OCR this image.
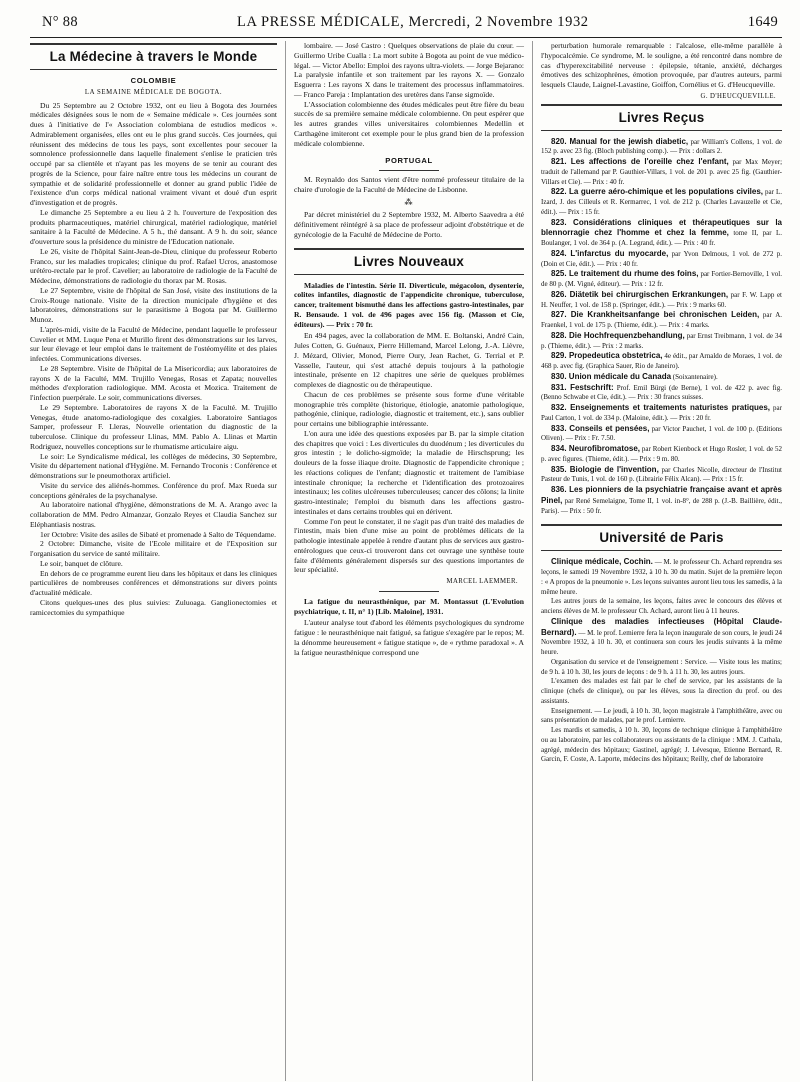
N° 88	LA PRESSE MÉDICALE, Mercredi, 2 Novembre 1932	1649
La Médecine à travers le Monde
COLOMBIE
LA SEMAINE MÉDICALE DE BOGOTA.

Du 25 Septembre au 2 Octobre 1932, ont eu lieu à Bogota des Journées médicales désignées sous le nom de « Semaine médicale ». Ces journées sont dues à l'initiative de l'« Association colombiana de estudios medicos ». Admirablement organisées, elles ont eu le plus grand succès. Ces journées, qui réunissent des médecins de tous les pays, sont excellentes pour secouer la somnolence professionnelle dans laquelle finalement s'enlise le praticien très occupé par sa clientèle et n'ayant pas les moyens de se tenir au courant des progrès de la Science, pour faire naître entre tous les médecins un courant de sympathie et de solidarité professionnelle et donner au grand public l'idée de l'existence d'un corps médical national vraiment vivant et doué d'un esprit d'investigation et de progrès.

Le dimanche 25 Septembre a eu lieu à 2 h. l'ouverture de l'exposition des produits pharmaceutiques, matériel chirurgical, matériel radiologique, matériel sanitaire à la Faculté de Médecine. A 5 h., thé dansant. A 9 h. du soir, séance d'ouverture sous la présidence du ministre de l'Education nationale.

Le 26, visite de l'hôpital Saint-Jean-de-Dieu, clinique du professeur Roberto Franco, sur les maladies tropicales; clinique du prof. Rafael Ucros, anastomose urétéro-rectale par le prof. Cavelier; au laboratoire de radiologie de la Faculté de Médecine, démonstrations de radiologie du thorax par M. Rosas.

Le 27 Septembre, visite de l'hôpital de San José, visite des institutions de la Croix-Rouge nationale. Visite de la direction municipale d'hygiène et des laboratoires, démonstrations sur le parasitisme à Bogota par M. Guillermo Munoz.

L'après-midi, visite de la Faculté de Médecine, pendant laquelle le professeur Cuvelier et MM. Luque Pena et Murillo firent des démonstrations sur les larves, sur leur élevage et leur emploi dans le traitement de l'ostéomyélite et des plaies infectées. Communications diverses.

Le 28 Septembre. Visite de l'hôpital de La Misericordia; aux laboratoires de rayons X de la Faculté, MM. Trujillo Venegas, Rosas et Zapata; nouvelles méthodes d'exploration radiologique. MM. Acosta et Mozica. Traitement de l'infection puerpérale. Le soir, communications diverses.

Le 29 Septembre. Laboratoires de rayons X de la Faculté. M. Trujillo Venegas, étude anatomo-radiologique des coxalgies. Laboratoire Santiagos Samper, professeur F. Lleras, Nouvelle orientation du diagnostic de la tuberculose. Clinique du professeur Llinas, MM. Pablo A. Llinas et Martin Rodriguez, nouvelles conceptions sur le rhumatisme articulaire aigu.

Le soir: Le Syndicalisme médical, les collèges de médecins, 30 Septembre, Visite du département national d'Hygiène. M. Fernando Troconis : Conférence et démonstrations sur le pneumothorax artificiel.

Visite du service des aliénés-hommes. Conférence du prof. Max Rueda sur conceptions générales de la psychanalyse.

Au laboratoire national d'hygiène, démonstrations de M. A. Arango avec la collaboration de MM. Pedro Almanzar, Gonzalo Reyes et Claudia Sanchez sur Eléphantiasis nostras.

1er Octobre: Visite des asiles de Sibaté et promenade à Salto de Téquendame.

2 Octobre: Dimanche, visite de l'Ecole militaire et de l'Exposition sur l'organisation du service de santé militaire.

Le soir, banquet de clôture.

En dehors de ce programme eurent lieu dans les hôpitaux et dans les cliniques particulières de nombreuses conférences et démonstrations sur divers points d'actualité médicale.

Citons quelques-unes des plus suivies: Zuluoaga. Ganglionectomies et ramicectomies du sympathique

lombaire. — José Castro : Quelques observations de plaie du cœur. — Guillermo Uribe Cualla : La mort subite à Bogota au point de vue médico-légal. — Victor Abello: Emploi des rayons ultra-violets. — Jorge Bejarano: La paralysie infantile et son traitement par les rayons X. — Gonzalo Esguerra : Les rayons X dans le traitement des processus inflammatoires. — Franco Pareja : Implantation des uretères dans l'anse sigmoïde.

L'Association colombienne des études médicales peut être fière du beau succès de sa première semaine médicale colombienne. On peut espérer que les autres grandes villes universitaires colombiennes Medellin et Carthagène imiteront cet exemple pour le plus grand bien de la profession médicale colombienne.

PORTUGAL

M. Reynaldo dos Santos vient d'être nommé professeur titulaire de la chaire d'urologie de la Faculté de Médecine de Lisbonne.

⁂

Par décret ministériel du 2 Septembre 1932, M. Alberto Saavedra a été définitivement réintégré à sa place de professeur adjoint d'obstétrique et de gynécologie de la Faculté de Médecine de Porto.

Livres Nouveaux

Maladies de l'intestin. Série II. Diverticule, mégacolon, dysenterie, colites infantiles, diagnostic de l'appendicite chronique, tuberculose, cancer, traitement bismuthé dans les affections gastro-intestinales, par R. Bensaude. 1 vol. de 496 pages avec 156 fig. (Masson et Cie, éditeurs). — Prix : 70 fr.

En 494 pages, avec la collaboration de MM. E. Boltanski, André Cain, Jules Cotten, G. Guénaux, Pierre Hillemand, Marcel Lelong, J.-A. Lièvre, J. Mézard, Olivier, Monod, Pierre Oury, Jean Rachet, G. Terrial et P. Vasselle, l'auteur, qui s'est attaché depuis toujours à la pathologie intestinale, présente en 12 chapitres une série de quelques problèmes complexes de diagnostic ou de thérapeutique.

Chacun de ces problèmes se présente sous forme d'une véritable monographie très complète (historique, étiologie, anatomie pathologique, pathogénie, clinique, radiologie, diagnostic et traitement, etc.), sans oublier pour certains une bibliographie intéressante.

L'on aura une idée des questions exposées par B. par la simple citation des chapitres que voici : Les diverticules du duodénum ; les diverticules du gros intestin ; le dolicho-sigmoïde; la maladie de Hirschsprung; les douleurs de la fosse iliaque droite. Diagnostic de l'appendicite chronique ; les réactions coliques de l'enfant; diagnostic et traitement de l'amibiase intestinale chronique; la recherche et l'identification des protozoaires intestinaux; les colites ulcéreuses tuberculeuses; cancer des côlons; la linite gastro-intestinale; l'emploi du bismuth dans les affections gastro-intestinales et dans certains troubles qui en dérivent.

Comme l'on peut le constater, il ne s'agit pas d'un traité des maladies de l'intestin, mais bien d'une mise au point de problèmes délicats de la pathologie intestinale appelée à rendre d'autant plus de services aux gastro-entérologues que ceux-ci trouveront dans cet ouvrage une synthèse toute faite d'éléments généralement dispersés sur des questions importantes de leur spécialité.

MARCEL LAEMMER.

La fatigue du neurasthénique, par M. Montassut (L'Evolution psychiatrique, t. II, n° 1) [Lib. Maloine], 1931.

L'auteur analyse tout d'abord les éléments psychologiques du syndrome fatigue : le neurasthénique nait fatigué, sa fatigue s'exagère par le repos; M. la dénomme heureusement « fatigue statique », de « rythme paradoxal ». A la fatigue neurasthénique correspond une

perturbation humorale remarquable : l'alcalose, elle-même parallèle à l'hypocalcémie. Ce syndrome, M. le souligne, a été rencontré dans nombre de cas d'hyperexcitabilité nerveuse : épilepsie, tétanie, anxiété, décharges émotives des schizophrènes, émotion provoquée, par d'autres auteurs, parmi lesquels Claude, Laignel-Lavastine, Goiffon, Cornélius et G. d'Heucqueville.

G. D'HEUCQUEVILLE.
Livres Reçus

820. Manual for the jewish diabetic, par William's Collens, 1 vol. de 152 p. avec 23 fig. (Bloch publishing comp.). — Prix : dollars 2.

821. Les affections de l'oreille chez l'enfant, par Max Meyer; traduit de l'allemand par P. Gauthier-Villars, 1 vol. de 201 p. avec 25 fig. (Gauthier-Villars et Cie). — Prix : 40 fr.

822. La guerre aéro-chimique et les populations civiles, par L. Izard, J. des Cilleuls et R. Kermarrec, 1 vol. de 212 p. (Charles Lavauzelle et Cie, édit.). — Prix : 15 fr.

823. Considérations cliniques et thérapeutiques sur la blennorragie chez l'homme et chez la femme, tome II, par L. Boulanger, 1 vol. de 364 p. (A. Legrand, édit.). — Prix : 40 fr.

824. L'infarctus du myocarde, par Yvon Delmous, 1 vol. de 272 p. (Doin et Cie, édit.). — Prix : 40 fr.

825. Le traitement du rhume des foins, par Fortier-Bernoville, 1 vol. de 80 p. (M. Vigné, éditeur). — Prix : 12 fr.

826. Diätetik bei chirurgischen Erkrankungen, par F. W. Lapp et H. Neuffer, 1 vol. de 158 p. (Springer, édit.). — Prix : 9 marks 60.

827. Die Krankheitsanfange bei chronischen Leiden, par A. Fraenkel, 1 vol. de 175 p. (Thieme, édit.). — Prix : 4 marks.

828. Die Hochfrequenzbehandlung, par Ernst Treibmann, 1 vol. de 34 p. (Thieme, édit.). — Prix : 2 marks.

829. Propedeutica obstetrica, 4e édit., par Arnaldo de Moraes, 1 vol. de 468 p. avec fig. (Graphica Sauer, Rio de Janeiro).

830. Union médicale du Canada (Soixantenaire).

831. Festschrift: Prof. Emil Bürgi (de Berne), 1 vol. de 422 p. avec fig. (Benno Schwabe et Cie, édit.). — Prix : 30 francs suisses.

832. Enseignements et traitements naturistes pratiques, par Paul Carton, 1 vol. de 334 p. (Maloine, édit.). — Prix : 20 fr.

833. Conseils et pensées, par Victor Pauchet, 1 vol. de 100 p. (Editions Oliven). — Prix : Fr. 7.50.

834. Neurofibromatose, par Robert Kienbock et Hugo Rosler, 1 vol. de 52 p. avec figures. (Thieme, édit.). — Prix : 9 m. 80.

835. Biologie de l'invention, par Charles Nicolle, directeur de l'Institut Pasteur de Tunis, 1 vol. de 160 p. (Librairie Félix Alcan). — Prix : 15 fr.

836. Les pionniers de la psychiatrie française avant et après Pinel, par René Semelaigne, Tome II, 1 vol. in-8°, de 288 p. (J.-B. Baillière, édit., Paris). — Prix : 50 fr.

Université de Paris

Clinique médicale, Cochin. — M. le professeur Ch. Achard reprendra ses leçons, le samedi 19 Novembre 1932, à 10 h. 30 du matin. Sujet de la première leçon : « A propos de la pneumonie ». Les leçons suivantes auront lieu tous les samedis, à la même heure.

Les autres jours de la semaine, les leçons, faites avec le concours des élèves et anciens élèves de M. le professeur Ch. Achard, auront lieu à 11 heures.

Clinique des maladies infectieuses (Hôpital Claude-Bernard). — M. le prof. Lemierre fera la leçon inaugurale de son cours, le jeudi 24 Novembre 1932, à 10 h. 30, et continuera son cours les jeudis suivants à la même heure.

Organisation du service et de l'enseignement : Service. — Visite tous les matins; de 9 h. à 10 h. 30, les jours de leçons : de 9 h. à 11 h. 30, les autres jours.

L'examen des malades est fait par le chef de service, par les assistants de la clinique (chefs de clinique), ou par les élèves, sous la direction du prof. ou des assistants.

Enseignement. — Le jeudi, à 10 h. 30, leçon magistrale à l'amphithéâtre, avec ou sans présentation de malades, par le prof. Lemierre.

Les mardis et samedis, à 10 h. 30, leçons de technique clinique à l'amphithéâtre ou au laboratoire, par les collaborateurs ou assistants de la clinique : MM. J. Cathala, agrégé, médecin des hôpitaux; Gastinel, agrégé; J. Lévesque, Etienne Bernard, R. Garcin, F. Coste, A. Laporte, médecins des hôpitaux; Reilly, chef de laboratoire
